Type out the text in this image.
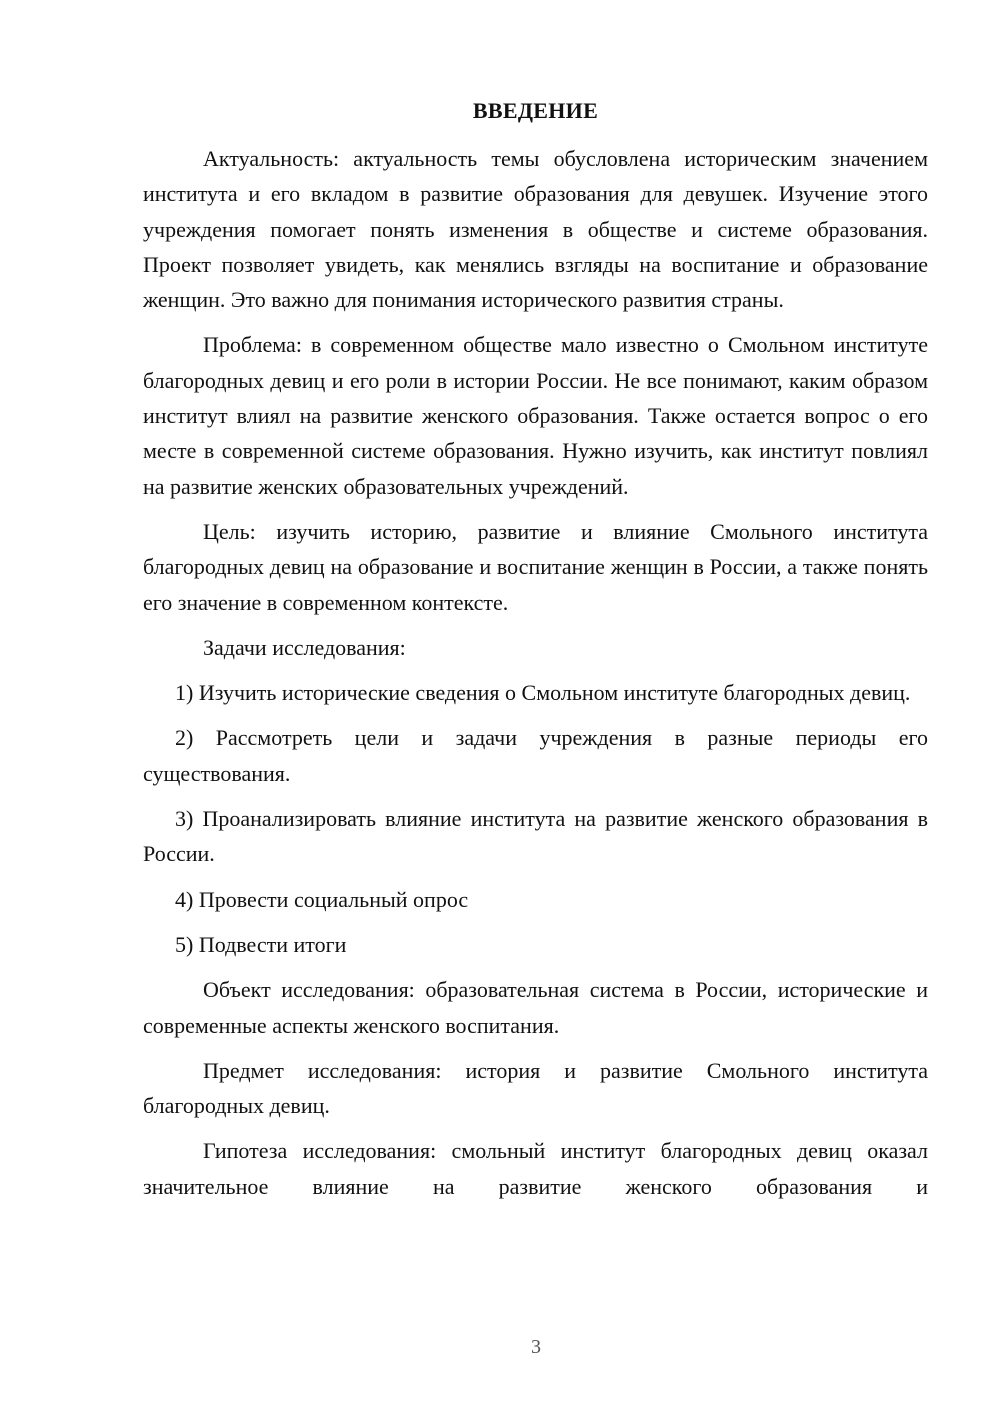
ВВЕДЕНИЕ

Актуальность: актуальность темы обусловлена историческим значением института и его вкладом в развитие образования для девушек. Изучение этого учреждения помогает понять изменения в обществе и системе образования. Проект позволяет увидеть, как менялись взгляды на воспитание и образование женщин. Это важно для понимания исторического развития страны.

Проблема: в современном обществе мало известно о Смольном институте благородных девиц и его роли в истории России. Не все понимают, каким образом институт влиял на развитие женского образования. Также остается вопрос о его месте в современной системе образования. Нужно изучить, как институт повлиял на развитие женских образовательных учреждений.

Цель: изучить историю, развитие и влияние Смольного института благородных девиц на образование и воспитание женщин в России, а также понять его значение в современном контексте.

Задачи исследования:

1) Изучить исторические сведения о Смольном институте благородных девиц.

2) Рассмотреть цели и задачи учреждения в разные периоды его существования.

3) Проанализировать влияние института на развитие женского образования в России.

4) Провести социальный опрос

5) Подвести итоги

Объект исследования: образовательная система в России, исторические и современные аспекты женского воспитания.

Предмет исследования: история и развитие Смольного института благородных девиц.

Гипотеза исследования: смольный институт благородных девиц оказал значительное влияние на развитие женского образования и

3
